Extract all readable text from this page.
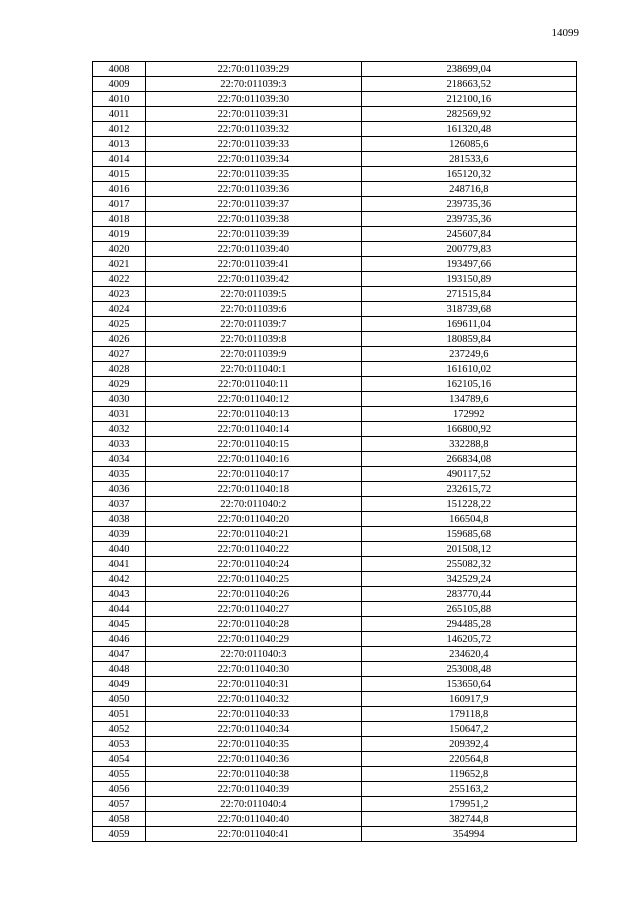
14099
4008	22:70:011039:29	238699,04
4009	22:70:011039:3	218663,52
4010	22:70:011039:30	212100,16
4011	22:70:011039:31	282569,92
4012	22:70:011039:32	161320,48
4013	22:70:011039:33	126085,6
4014	22:70:011039:34	281533,6
4015	22:70:011039:35	165120,32
4016	22:70:011039:36	248716,8
4017	22:70:011039:37	239735,36
4018	22:70:011039:38	239735,36
4019	22:70:011039:39	245607,84
4020	22:70:011039:40	200779,83
4021	22:70:011039:41	193497,66
4022	22:70:011039:42	193150,89
4023	22:70:011039:5	271515,84
4024	22:70:011039:6	318739,68
4025	22:70:011039:7	169611,04
4026	22:70:011039:8	180859,84
4027	22:70:011039:9	237249,6
4028	22:70:011040:1	161610,02
4029	22:70:011040:11	162105,16
4030	22:70:011040:12	134789,6
4031	22:70:011040:13	172992
4032	22:70:011040:14	166800,92
4033	22:70:011040:15	332288,8
4034	22:70:011040:16	266834,08
4035	22:70:011040:17	490117,52
4036	22:70:011040:18	232615,72
4037	22:70:011040:2	151228,22
4038	22:70:011040:20	166504,8
4039	22:70:011040:21	159685,68
4040	22:70:011040:22	201508,12
4041	22:70:011040:24	255082,32
4042	22:70:011040:25	342529,24
4043	22:70:011040:26	283770,44
4044	22:70:011040:27	265105,88
4045	22:70:011040:28	294485,28
4046	22:70:011040:29	146205,72
4047	22:70:011040:3	234620,4
4048	22:70:011040:30	253008,48
4049	22:70:011040:31	153650,64
4050	22:70:011040:32	160917,9
4051	22:70:011040:33	179118,8
4052	22:70:011040:34	150647,2
4053	22:70:011040:35	209392,4
4054	22:70:011040:36	220564,8
4055	22:70:011040:38	119652,8
4056	22:70:011040:39	255163,2
4057	22:70:011040:4	179951,2
4058	22:70:011040:40	382744,8
4059	22:70:011040:41	354994
